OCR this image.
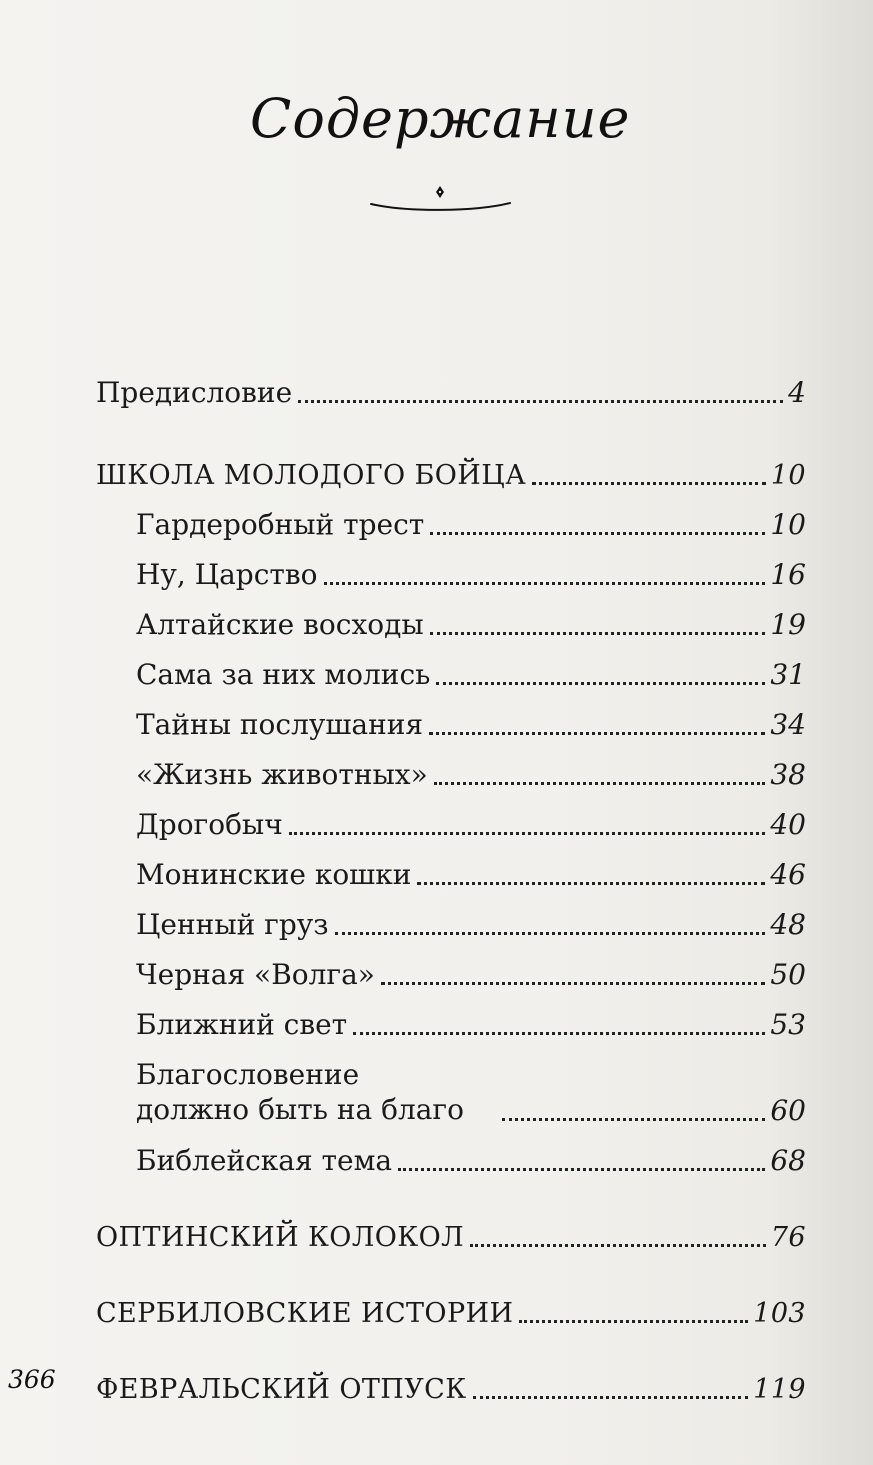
Содержание
Предисловие	4
ШКОЛА МОЛОДОГО БОЙЦА	10
Гардеробный трест	10
Ну, Царство	16
Алтайские восходы	19
Сама за них молись	31
Тайны послушания	34
«Жизнь животных»	38
Дрогобыч	40
Монинские кошки	46
Ценный груз	48
Черная «Волга»	50
Ближний свет	53
Благословение
должно быть на благо	60
Библейская тема	68
ОПТИНСКИЙ КОЛОКОЛ	76
СЕРБИЛОВСКИЕ ИСТОРИИ	103
ФЕВРАЛЬСКИЙ ОТПУСК	119
366
